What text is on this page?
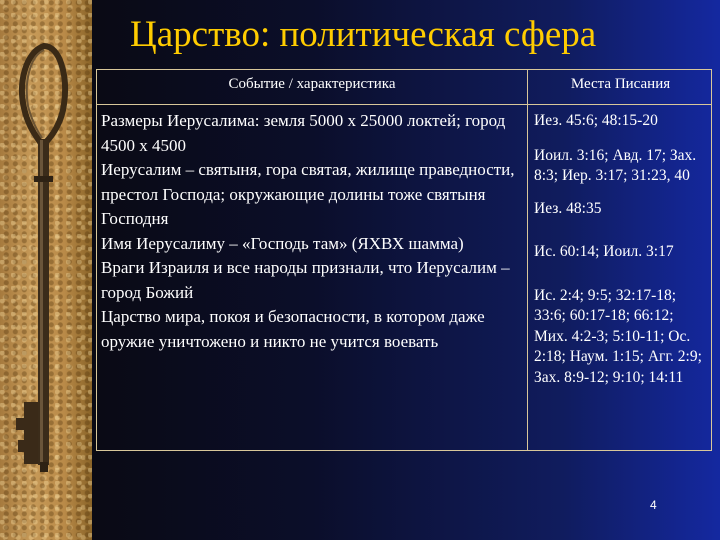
Царство: политическая сфера
Событие / характеристика	Места Писания
Размеры Иерусалима: земля 5000 х 25000 локтей; город 4500 х 4500
Иерусалим – святыня, гора святая, жилище праведности, престол Господа; окружающие долины тоже святыня Господня
Имя Иерусалиму – «Господь там» (ЯХВХ шамма)
Враги Израиля и все народы признали, что Иерусалим – город Божий
Царство мира, покоя и безопасности, в котором даже оружие уничтожено и никто не учится воевать
Иез. 45:6; 48:15-20
Иоил. 3:16; Авд. 17; Зах. 8:3; Иер. 3:17; 31:23, 40
Иез. 48:35
Ис. 60:14; Иоил. 3:17
Ис. 2:4; 9:5; 32:17-18; 33:6; 60:17-18; 66:12; Мих. 4:2-3; 5:10-11; Ос. 2:18; Наум. 1:15; Агг. 2:9; Зах. 8:9-12; 9:10; 14:11
4
